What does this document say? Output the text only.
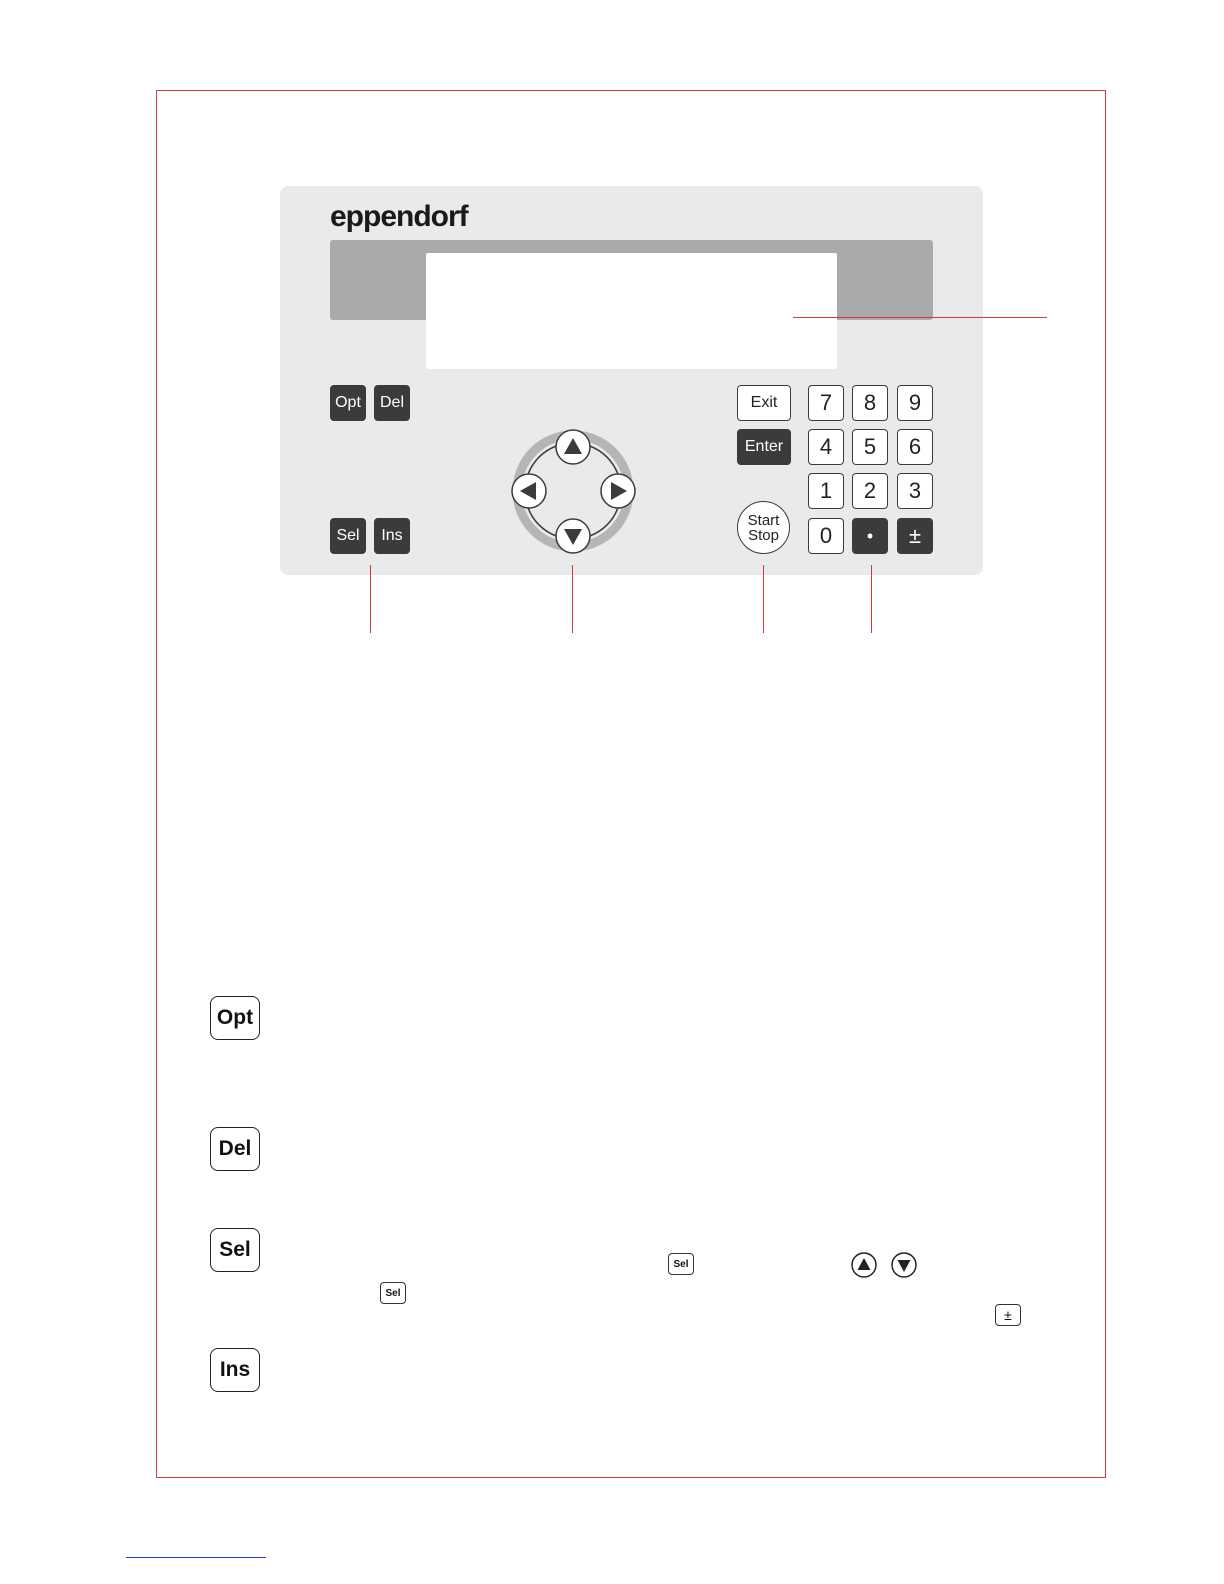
eppendorf
Opt	Del
Sel	Ins
Exit
Enter
Start
Stop
7	8	9
4	5	6
1	2	3
0	•	±
Opt
Del
Sel
Ins
Sel
Sel
±
